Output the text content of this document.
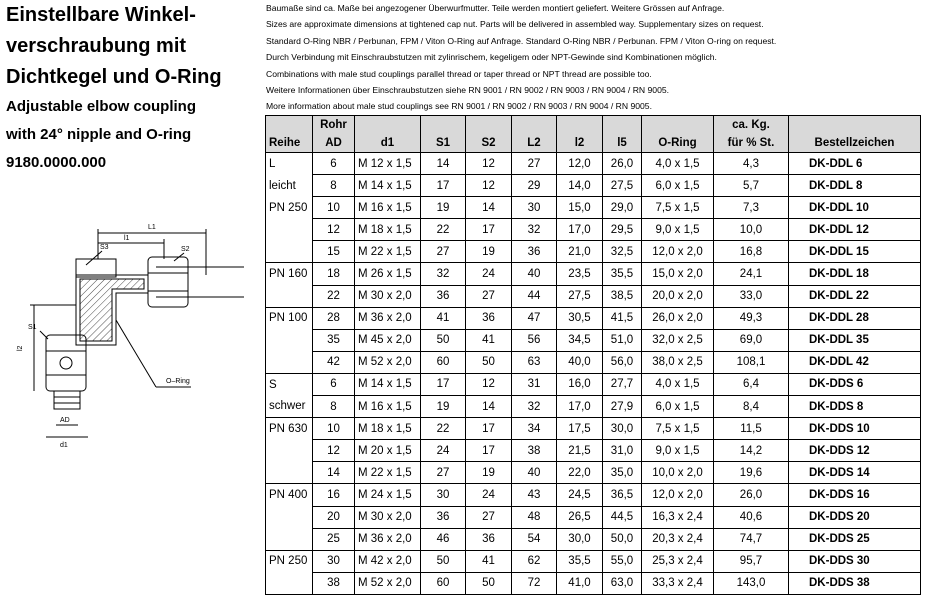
Einstellbare Winkel-
verschraubung mit
Dichtkegel und O-Ring
Adjustable elbow coupling
with 24° nipple and O-ring
9180.0000.000
L1
l1
S3	S2
S1
l2
AD
d1
O–Ring
Baumaße sind ca. Maße bei angezogener Überwurfmutter. Teile werden montiert geliefert. Weitere Grössen auf Anfrage.
Sizes are approximate dimensions at tightened cap nut. Parts will be delivered in assembled way. Supplementary sizes on request.
Standard O-Ring NBR / Perbunan, FPM / Viton O-Ring auf Anfrage. Standard O-Ring NBR / Perbunan. FPM / Viton O-ring on request.
Durch Verbindung mit Einschraubstutzen mit zylinrischem, kegeligem oder NPT-Gewinde sind Kombinationen möglich.
Combinations with male stud couplings parallel thread or taper thread or NPT thread are possible too.
Weitere Informationen über Einschraubstutzen siehe RN 9001 / RN 9002 / RN 9003 / RN 9004 / RN 9005.
More information about male stud couplings see RN 9001 / RN 9002 / RN 9003 / RN 9004 / RN 9005.
	Rohr								ca. Kg.	
Reihe	AD	d1	S1	S2	L2	l2	l5	O-Ring	für % St.	Bestellzeichen
L	6	M 12 x 1,5	14	12	27	12,0	26,0	4,0 x 1,5	4,3	DK-DDL 6
leicht	8	M 14 x 1,5	17	12	29	14,0	27,5	6,0 x 1,5	5,7	DK-DDL 8
PN 250	10	M 16 x 1,5	19	14	30	15,0	29,0	7,5 x 1,5	7,3	DK-DDL 10
	12	M 18 x 1,5	22	17	32	17,0	29,5	9,0 x 1,5	10,0	DK-DDL 12
	15	M 22 x 1,5	27	19	36	21,0	32,5	12,0 x 2,0	16,8	DK-DDL 15
PN 160	18	M 26 x 1,5	32	24	40	23,5	35,5	15,0 x 2,0	24,1	DK-DDL 18
	22	M 30 x 2,0	36	27	44	27,5	38,5	20,0 x 2,0	33,0	DK-DDL 22
PN 100	28	M 36 x 2,0	41	36	47	30,5	41,5	26,0 x 2,0	49,3	DK-DDL 28
	35	M 45 x 2,0	50	41	56	34,5	51,0	32,0 x 2,5	69,0	DK-DDL 35
	42	M 52 x 2,0	60	50	63	40,0	56,0	38,0 x 2,5	108,1	DK-DDL 42
S	6	M 14 x 1,5	17	12	31	16,0	27,7	4,0 x 1,5	6,4	DK-DDS 6
schwer	8	M 16 x 1,5	19	14	32	17,0	27,9	6,0 x 1,5	8,4	DK-DDS 8
PN 630	10	M 18 x 1,5	22	17	34	17,5	30,0	7,5 x 1,5	11,5	DK-DDS 10
	12	M 20 x 1,5	24	17	38	21,5	31,0	9,0 x 1,5	14,2	DK-DDS 12
	14	M 22 x 1,5	27	19	40	22,0	35,0	10,0 x 2,0	19,6	DK-DDS 14
PN 400	16	M 24 x 1,5	30	24	43	24,5	36,5	12,0 x 2,0	26,0	DK-DDS 16
	20	M 30 x 2,0	36	27	48	26,5	44,5	16,3 x 2,4	40,6	DK-DDS 20
	25	M 36 x 2,0	46	36	54	30,0	50,0	20,3 x 2,4	74,7	DK-DDS 25
PN 250	30	M 42 x 2,0	50	41	62	35,5	55,0	25,3 x 2,4	95,7	DK-DDS 30
	38	M 52 x 2,0	60	50	72	41,0	63,0	33,3 x 2,4	143,0	DK-DDS 38
